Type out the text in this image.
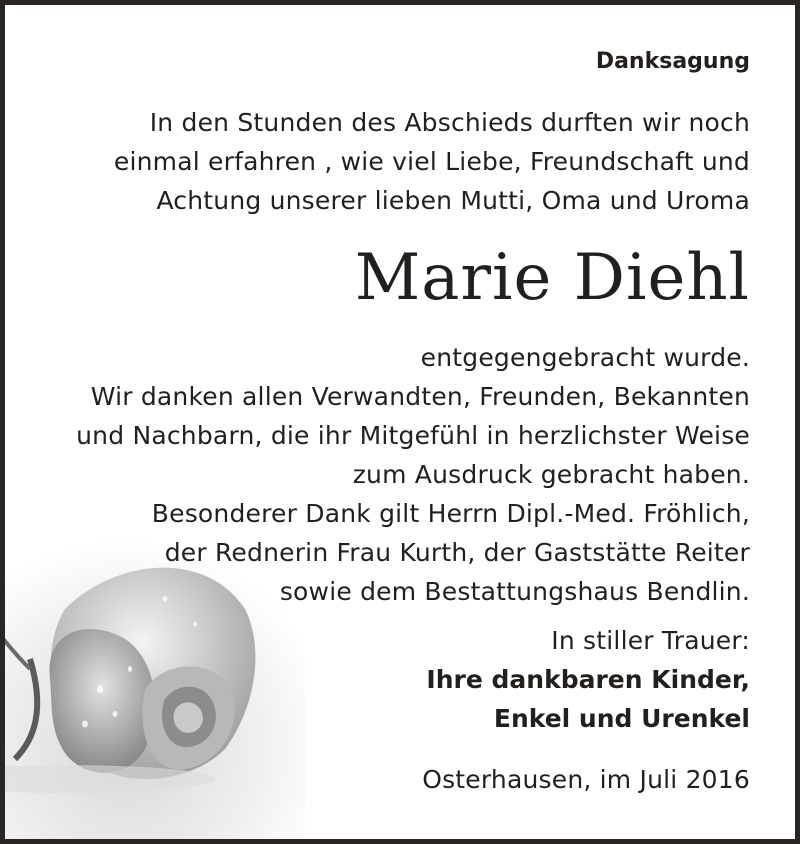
Danksagung
In den Stunden des Abschieds durften wir noch
einmal erfahren , wie viel Liebe, Freundschaft und
Achtung unserer lieben Mutti, Oma und Uroma
Marie Diehl
entgegengebracht wurde.
Wir danken allen Verwandten, Freunden, Bekannten
und Nachbarn, die ihr Mitgefühl in herzlichster Weise
zum Ausdruck gebracht haben.
Besonderer Dank gilt Herrn Dipl.-Med. Fröhlich,
der Rednerin Frau Kurth, der Gaststätte Reiter
sowie dem Bestattungshaus Bendlin.
In stiller Trauer:
Ihre dankbaren Kinder,
Enkel und Urenkel
Osterhausen, im Juli 2016
